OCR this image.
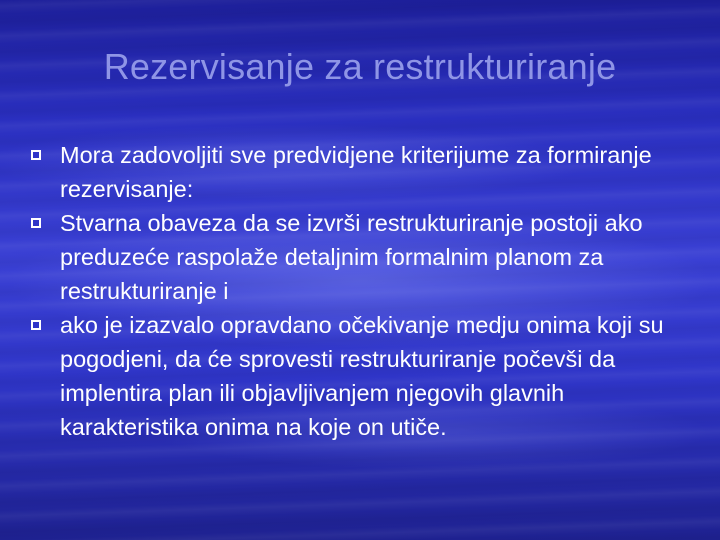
Rezervisanje za restrukturiranje
Mora zadovoljiti sve predvidjene kriterijume za formiranje rezervisanje:
Stvarna obaveza da se izvrši restrukturiranje postoji ako preduzeće raspolaže detaljnim formalnim planom za restrukturiranje i
ako je izazvalo opravdano očekivanje medju onima koji su pogodjeni, da će sprovesti restrukturiranje počevši da implentira plan ili objavljivanjem njegovih glavnih karakteristika onima na koje on utiče.
